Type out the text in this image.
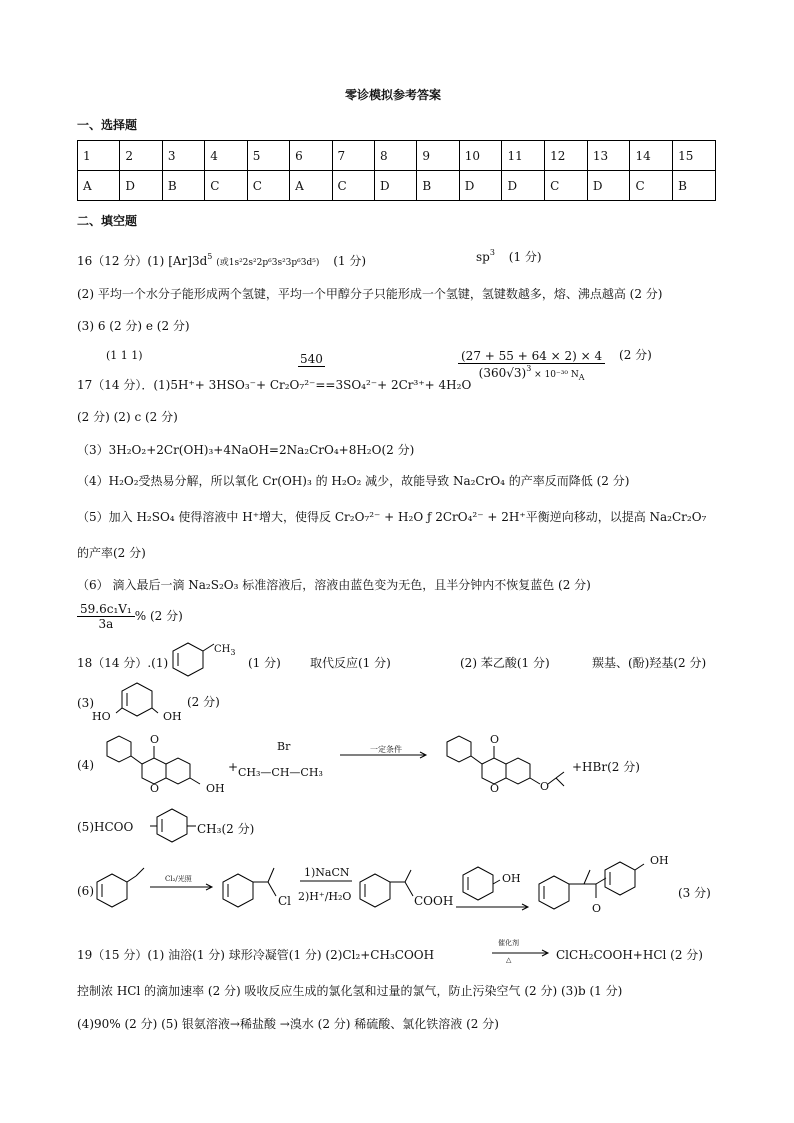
零诊模拟参考答案
一、选择题
1	2	3	4	5	6	7	8	9	10	11	12	13	14	15
A	D	B	C	C	A	C	D	B	D	D	C	D	C	B
二、填空题
16（12 分）(1) $[Ar]3d^5$ (或1s²2s²2p⁶3s²3p⁶3d⁵) (1 分)	$sp^3$ (1 分)
(2) 平均一个水分子能形成两个氢键，平均一个甲醇分子只能形成一个氢键，氢键数越多，熔、沸点越高 (2 分)
(3) 6 (2 分) e (2 分)
(1 1 1)	540	$\frac{(27 + 55 + 64 \times 2) \times 4}{(360√3)^3 \times 10^{-30} N_A} (2$ 分)
17（14 分）．(1)5H⁺+ 3HSO₃⁻+ Cr₂O₇²⁻==3SO₄²⁻+ 2Cr³⁺+ 4H₂O
(2 分) (2) c (2 分)
（3）3H₂O₂+2Cr(OH)₃+4NaOH=2Na₂CrO₄+8H₂O(2 分)
（4）H₂O₂受热易分解，所以氧化 Cr(OH)₃ 的 H₂O₂ 减少，故能导致 Na₂CrO₄ 的产率反而降低 (2 分)
（5）加入 H₂SO₄ 使得溶液中 H⁺增大，使得反 Cr₂O₇²⁻ + H₂O ƒ 2CrO₄²⁻ + 2H⁺平衡逆向移动，以提高 Na₂Cr₂O₇
的产率(2 分)
（6） 滴入最后一滴 Na₂S₂O₃ 标准溶液后，溶液由蓝色变为无色，且半分钟内不恢复蓝色 (2 分)
$\frac{\text{59.6c₁V₁}}{3a}$ % (2 分)
18（14 分）.(1)
$CH_3$
(1 分) 取代反应(1 分)	(2) 苯乙酸(1 分)	羰基、(酚)羟基(2 分)
(3)
HO	OH
(2 分)
(4)
O
O	OH
+
Br
CH₃—CH—CH₃
一定条件
O
O	O
+HBr(2 分)
(5)HCOO	CH₃(2 分)
(6)
Cl₂/光照
Cl
1)NaCN
2)H⁺/H₂O	COOH
OH
OH
O
(3 分)
19（15 分）(1) 油浴(1 分) 球形冷凝管(1 分) (2)Cl₂+CH₃COOH
催化剂
△	ClCH₂COOH+HCl (2 分)
控制浓 HCl 的滴加速率 (2 分) 吸收反应生成的氯化氢和过量的氯气，防止污染空气 (2 分) (3)b (1 分)
(4)90% (2 分) (5) 银氨溶液→稀盐酸 →溴水 (2 分) 稀硫酸、氯化铁溶液 (2 分)
